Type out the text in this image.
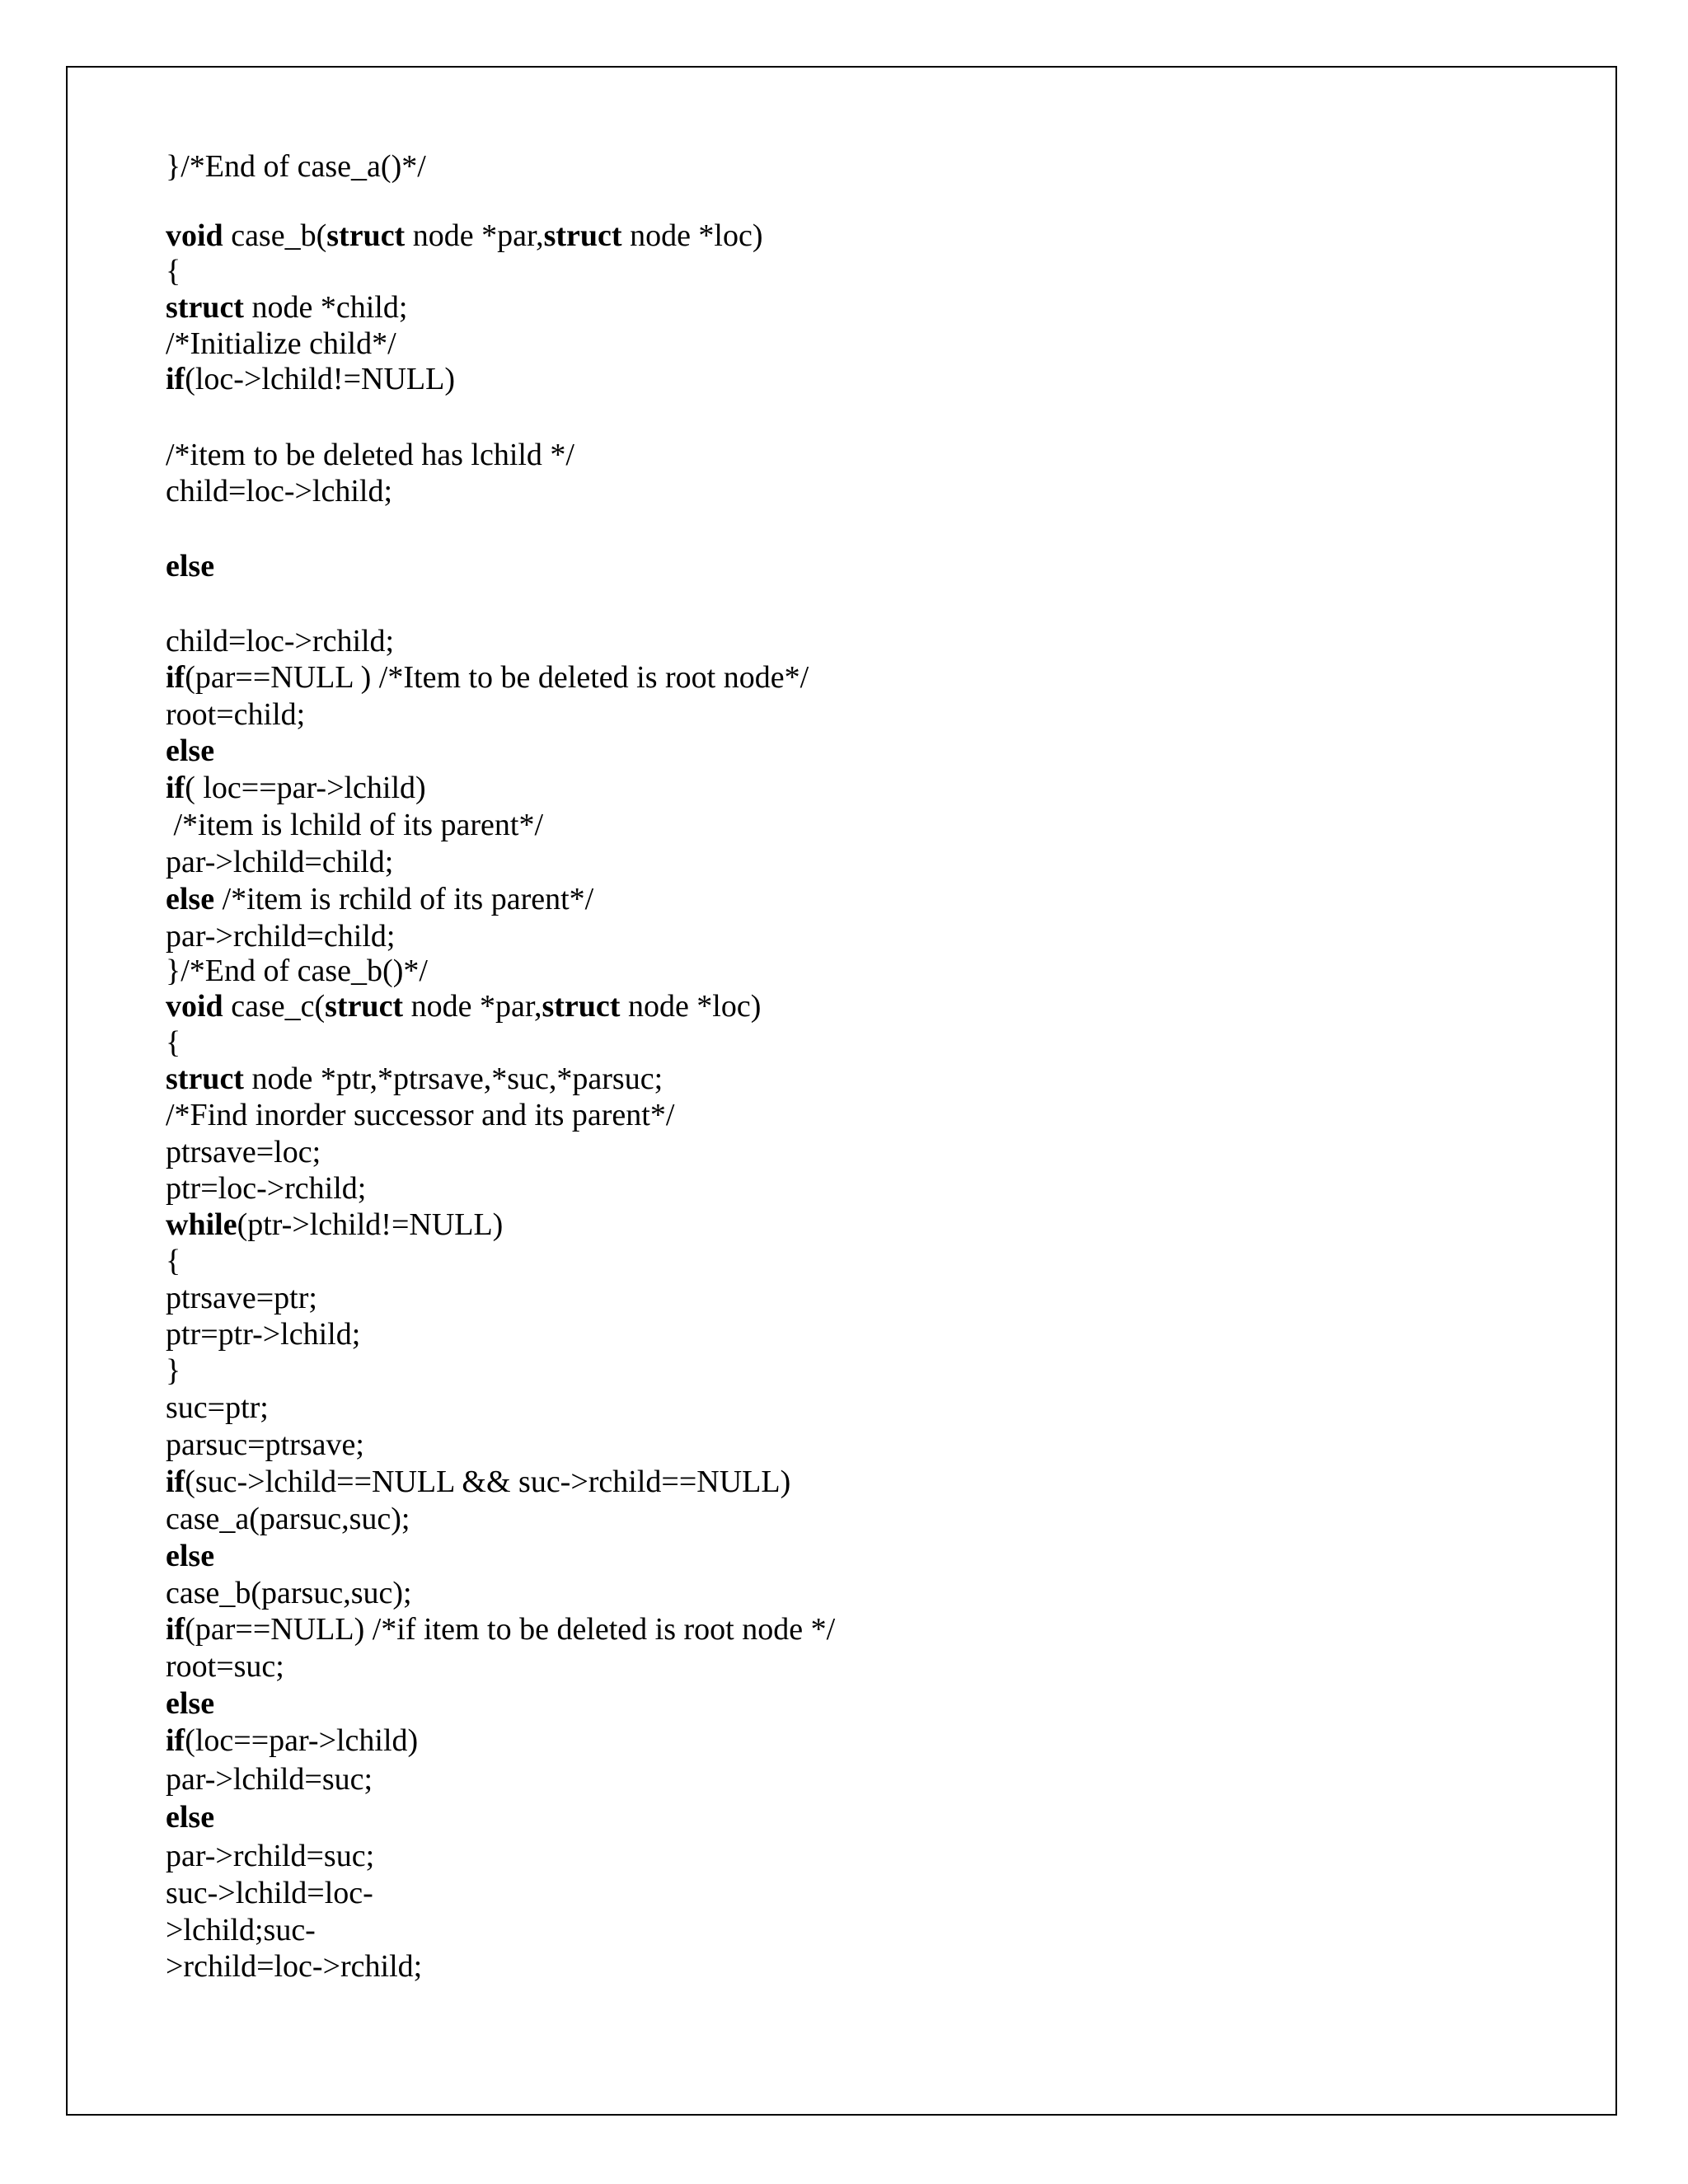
}/*End of case_a()*/

void case_b(struct node *par,struct node *loc)

{

struct node *child;

/*Initialize child*/

if(loc->lchild!=NULL)

/*item to be deleted has lchild */

child=loc->lchild;

else

child=loc->rchild;

if(par==NULL ) /*Item to be deleted is root node*/

root=child;

else

if( loc==par->lchild)

/*item is lchild of its parent*/

par->lchild=child;

else /*item is rchild of its parent*/

par->rchild=child;

}/*End of case_b()*/

void case_c(struct node *par,struct node *loc)

{

struct node *ptr,*ptrsave,*suc,*parsuc;

/*Find inorder successor and its parent*/

ptrsave=loc;

ptr=loc->rchild;

while(ptr->lchild!=NULL)

{

ptrsave=ptr;

ptr=ptr->lchild;

}

suc=ptr;

parsuc=ptrsave;

if(suc->lchild==NULL && suc->rchild==NULL)

case_a(parsuc,suc);

else

case_b(parsuc,suc);

if(par==NULL) /*if item to be deleted is root node */

root=suc;

else

if(loc==par->lchild)

par->lchild=suc;

else

par->rchild=suc;

suc->lchild=loc-

>lchild;suc-

>rchild=loc->rchild;
